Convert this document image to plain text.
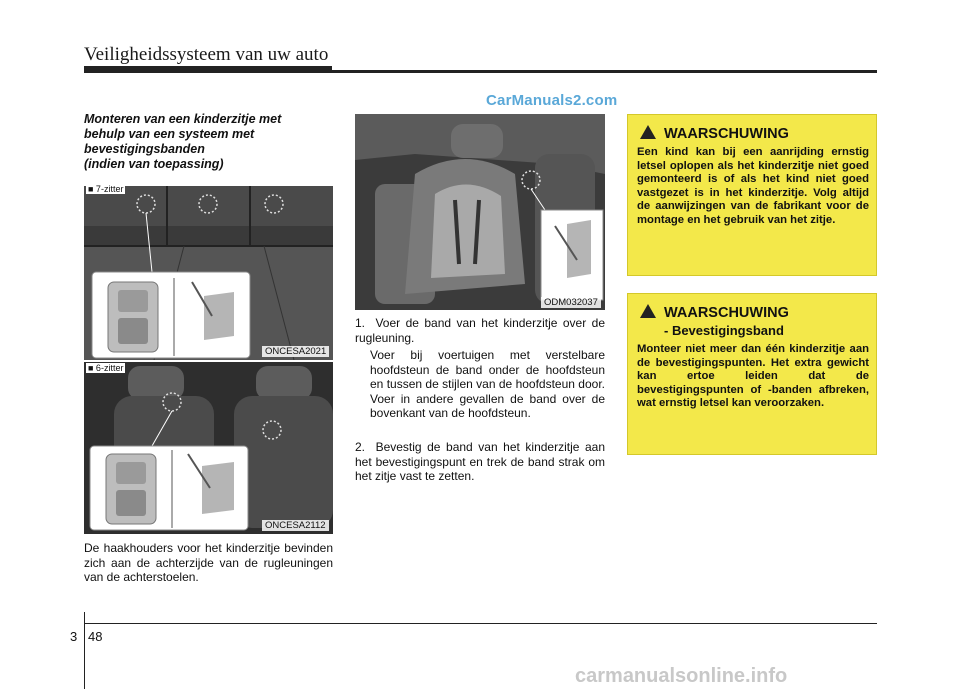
Veiligheidssysteem van uw auto
CarManuals2.com
Monteren van een kinderzitje met
behulp van een systeem met
bevestigingsbanden
(indien van toepassing)
■ 7-zitter
ONCESA2021
■ 6-zitter
ONCESA2112
De haakhouders voor het kinderzitje bevinden zich aan de achterzijde van de rugleuningen van de achterstoelen.
ODM032037
1. Voer de band van het kinderzitje over de rugleuning.
Voer bij voertuigen met verstelbare hoofdsteun de band onder de hoofdsteun en tussen de stijlen van de hoofdsteun door. Voer in andere gevallen de band over de bovenkant van de hoofdsteun.
2. Bevestig de band van het kinderzitje aan het bevestigingspunt en trek de band strak om het zitje vast te zetten.
WAARSCHUWING
Een kind kan bij een aanrijding ernstig letsel oplopen als het kinderzitje niet goed gemonteerd is of als het kind niet goed vastgezet is in het kinderzitje. Volg altijd de aanwijzingen van de fabrikant voor de montage en het gebruik van het zitje.
WAARSCHUWING
- Bevestigingsband
Monteer niet meer dan één kinderzitje aan de bevestigingspunten. Het extra gewicht kan ertoe leiden dat de bevestigingspunten of -banden afbreken, wat ernstig letsel kan veroorzaken.
3 48
carmanualsonline.info
